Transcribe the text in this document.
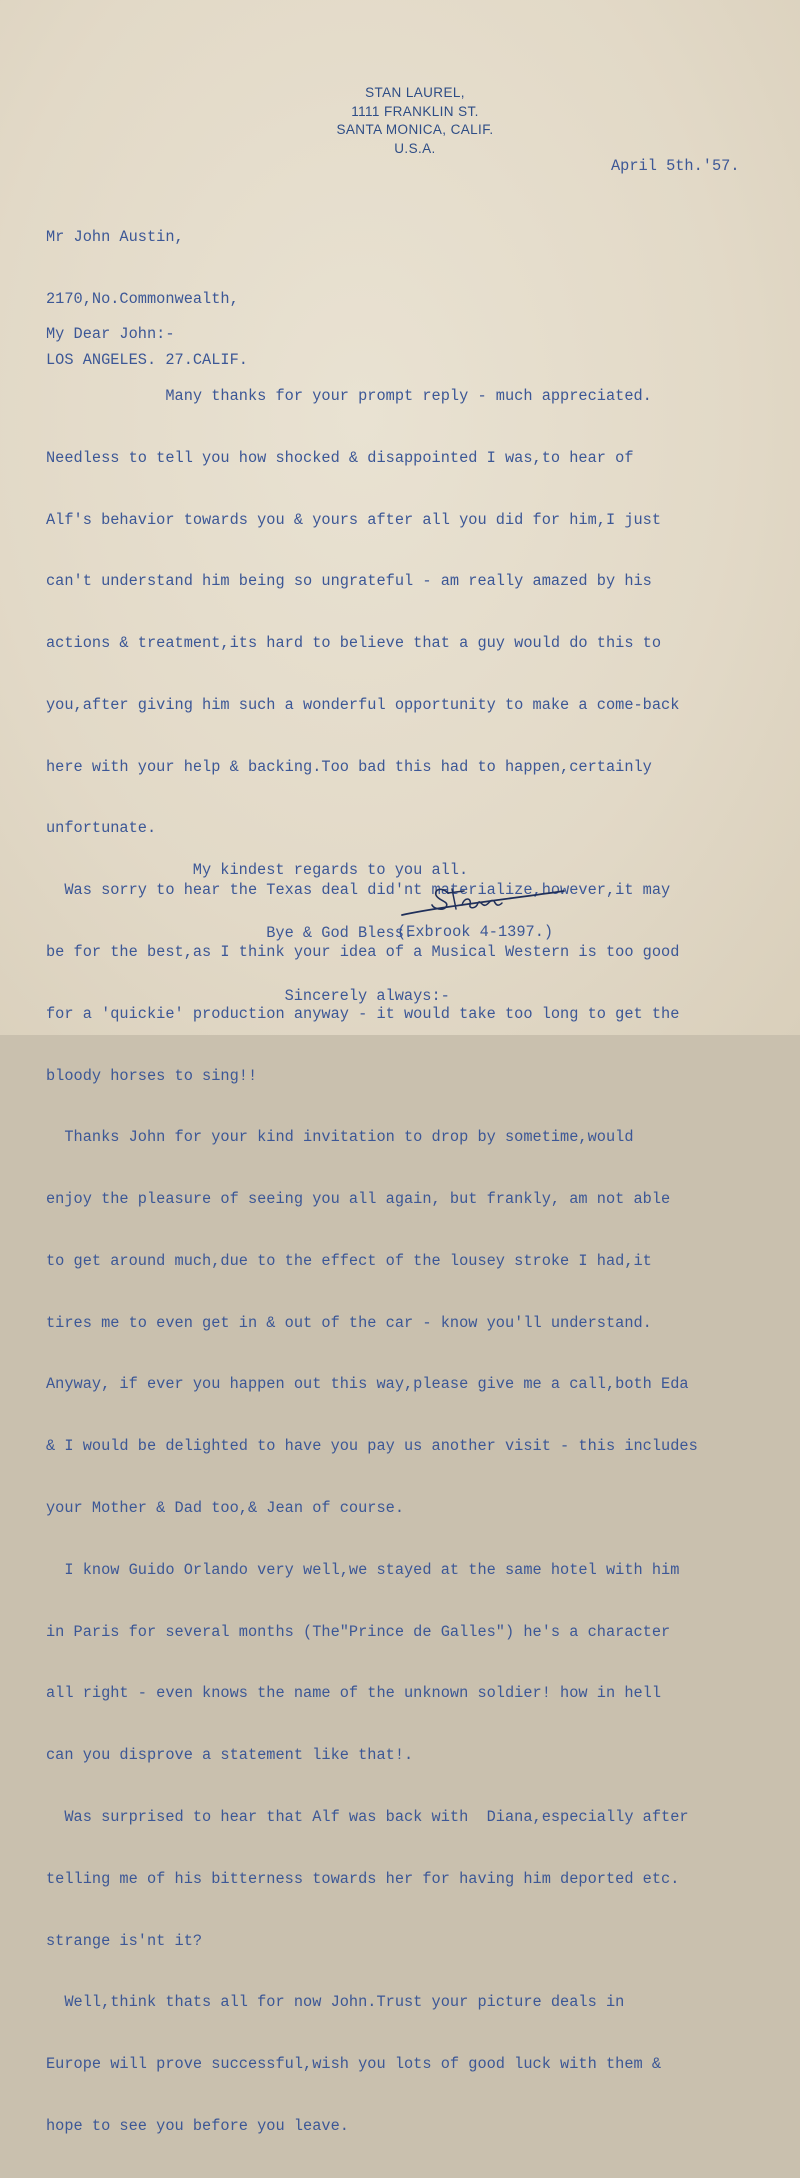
STAN LAUREL,
1111 FRANKLIN ST.
SANTA MONICA, CALIF.
U.S.A.
April 5th.'57.

Mr John Austin,

2170,No.Commonwealth,

LOS ANGELES. 27.CALIF.

My Dear John:-

Many thanks for your prompt reply - much appreciated.

Needless to tell you how shocked & disappointed I was,to hear of

Alf's behavior towards you & yours after all you did for him,I just

can't understand him being so ungrateful - am really amazed by his

actions & treatment,its hard to believe that a guy would do this to

you,after giving him such a wonderful opportunity to make a come-back

here with your help & backing.Too bad this had to happen,certainly

unfortunate.

Was sorry to hear the Texas deal did'nt materialize,however,it may

be for the best,as I think your idea of a Musical Western is too good

for a 'quickie' production anyway - it would take too long to get the

bloody horses to sing!!

Thanks John for your kind invitation to drop by sometime,would

enjoy the pleasure of seeing you all again, but frankly, am not able

to get around much,due to the effect of the lousey stroke I had,it

tires me to even get in & out of the car - know you'll understand.

Anyway, if ever you happen out this way,please give me a call,both Eda

& I would be delighted to have you pay us another visit - this includes

your Mother & Dad too,& Jean of course.

I know Guido Orlando very well,we stayed at the same hotel with him

in Paris for several months (The"Prince de Galles") he's a character

all right - even knows the name of the unknown soldier! how in hell

can you disprove a statement like that!.

Was surprised to hear that Alf was back with  Diana,especially after

telling me of his bitterness towards her for having him deported etc.

strange is'nt it?

Well,think thats all for now John.Trust your picture deals in

Europe will prove successful,wish you lots of good luck with them &

hope to see you before you leave.

My kindest regards to you all.

Bye & God Bless.

Sincerely always:-

(Exbrook 4-1397.)
